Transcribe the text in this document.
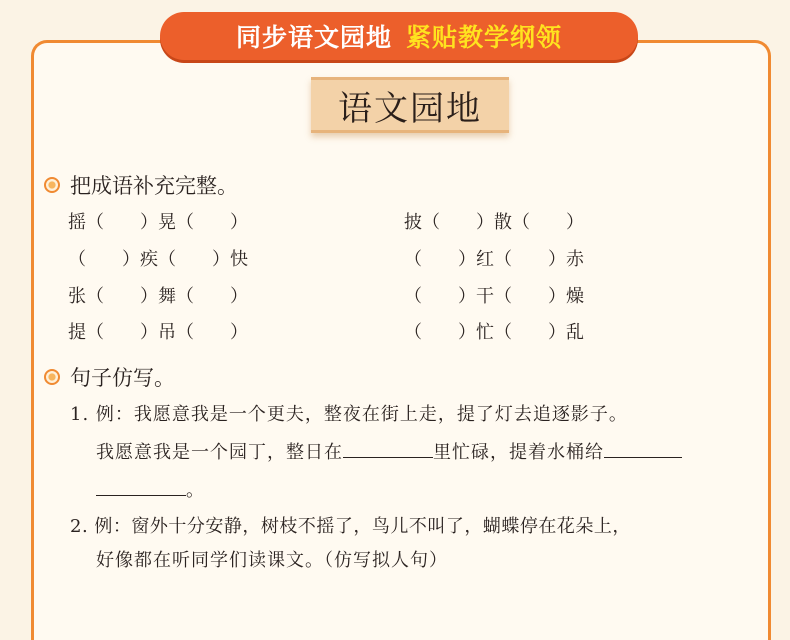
同步语文园地 紧贴教学纲领
语文园地
把成语补充完整。
摇（　　）晃（　　）	披（　　）散（　　）
（　　）疾（　　）快	（　　）红（　　）赤
张（　　）舞（　　）	（　　）干（　　）燥
提（　　）吊（　　）	（　　）忙（　　）乱
句子仿写。
1. 例：我愿意我是一个更夫，整夜在街上走，提了灯去追逐影子。
我愿意我是一个园丁，整日在	里忙碌，提着水桶给
。
2. 例：窗外十分安静，树枝不摇了，鸟儿不叫了，蝴蝶停在花朵上，
好像都在听同学们读课文。（仿写拟人句）
